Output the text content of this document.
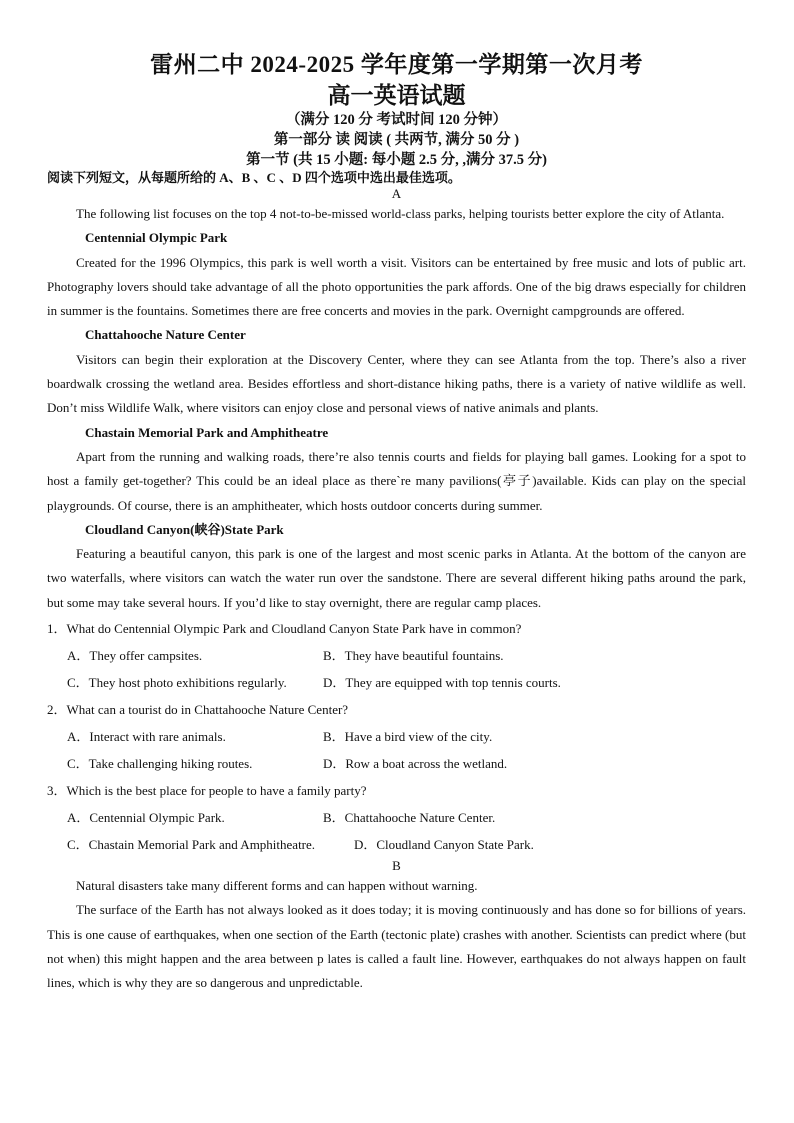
雷州二中 2024-2025 学年度第一学期第一次月考
高一英语试题
（满分 120 分 考试时间 120 分钟）
第一部分 读 阅读 ( 共两节, 满分 50 分 )
第一节 (共 15 小题: 每小题 2.5 分, ,满分 37.5 分)
阅读下列短文，从每题所给的 A、B 、C 、D 四个选项中选出最佳选项。
A
The following list focuses on the top 4 not-to-be-missed world-class parks, helping tourists better explore the city of Atlanta.
Centennial Olympic Park
Created for the 1996 Olympics, this park is well worth a visit. Visitors can be entertained by free music and lots of public art. Photography lovers should take advantage of all the photo opportunities the park affords. One of the big draws especially for children in summer is the fountains. Sometimes there are free concerts and movies in the park. Overnight campgrounds are offered.
Chattahooche Nature Center
Visitors can begin their exploration at the Discovery Center, where they can see Atlanta from the top. There’s also a river boardwalk crossing the wetland area. Besides effortless and short-distance hiking paths, there is a variety of native wildlife as well. Don’t miss Wildlife Walk, where visitors can enjoy close and personal views of native animals and plants.
Chastain Memorial Park and Amphitheatre
Apart from the running and walking roads, there’re also tennis courts and fields for playing ball games. Looking for a spot to host a family get-together? This could be an ideal place as there`re many pavilions(亭子)available. Kids can play on the special playgrounds. Of course, there is an amphitheater, which hosts outdoor concerts during summer.
Cloudland Canyon(峡谷)State Park
Featuring a beautiful canyon, this park is one of the largest and most scenic parks in Atlanta. At the bottom of the canyon are two waterfalls, where visitors can watch the water run over the sandstone. There are several different hiking paths around the park, but some may take several hours. If you’d like to stay overnight, there are regular camp places.
1．What do Centennial Olympic Park and Cloudland Canyon State Park have in common?
A．They offer campsites.	B．They have beautiful fountains.
C．They host photo exhibitions regularly.	D．They are equipped with top tennis courts.
2．What can a tourist do in Chattahooche Nature Center?
A．Interact with rare animals.	B．Have a bird view of the city.
C．Take challenging hiking routes.	D．Row a boat across the wetland.
3．Which is the best place for people to have a family party?
A．Centennial Olympic Park.	B．Chattahooche Nature Center.
C．Chastain Memorial Park and Amphitheatre.	D．Cloudland Canyon State Park.
B
Natural disasters take many different forms and can happen without warning.
The surface of the Earth has not always looked as it does today; it is moving continuously and has done so for billions of years. This is one cause of earthquakes, when one section of the Earth (tectonic plate) crashes with another. Scientists can predict where (but not when) this might happen and the area between p lates is called a fault line. However, earthquakes do not always happen on fault lines, which is why they are so dangerous and unpredictable.
